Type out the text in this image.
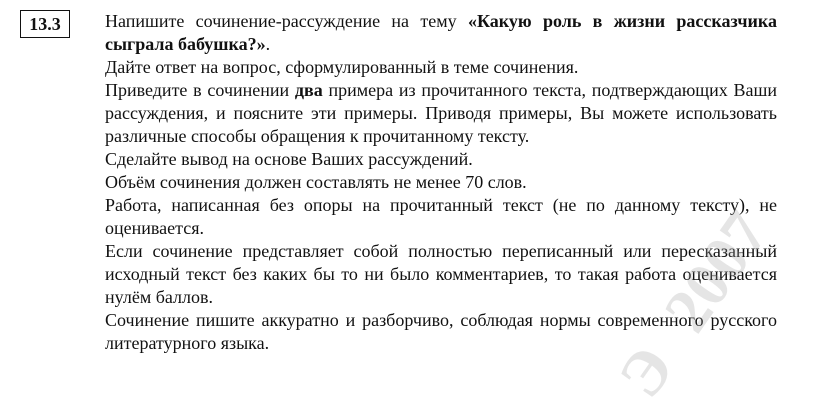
13.3	Напишите сочинение-рассуждение на тему «Какую роль в жизни рассказчика сыграла бабушка?».

Дайте ответ на вопрос, сформулированный в теме сочинения.

Приведите в сочинении два примера из прочитанного текста, подтверждающих Ваши рассуждения, и поясните эти примеры. Приводя примеры, Вы можете использовать различные способы обращения к прочитанному тексту.

Сделайте вывод на основе Ваших рассуждений.

Объём сочинения должен составлять не менее 70 слов.

Работа, написанная без опоры на прочитанный текст (не по данному тексту), не оценивается.

Если сочинение представляет собой полностью переписанный или пересказанный исходный текст без каких бы то ни было комментариев, то такая работа оценивается нулём баллов.

Сочинение пишите аккуратно и разборчиво, соблюдая нормы современного русского литературного языка.	Э
2007
